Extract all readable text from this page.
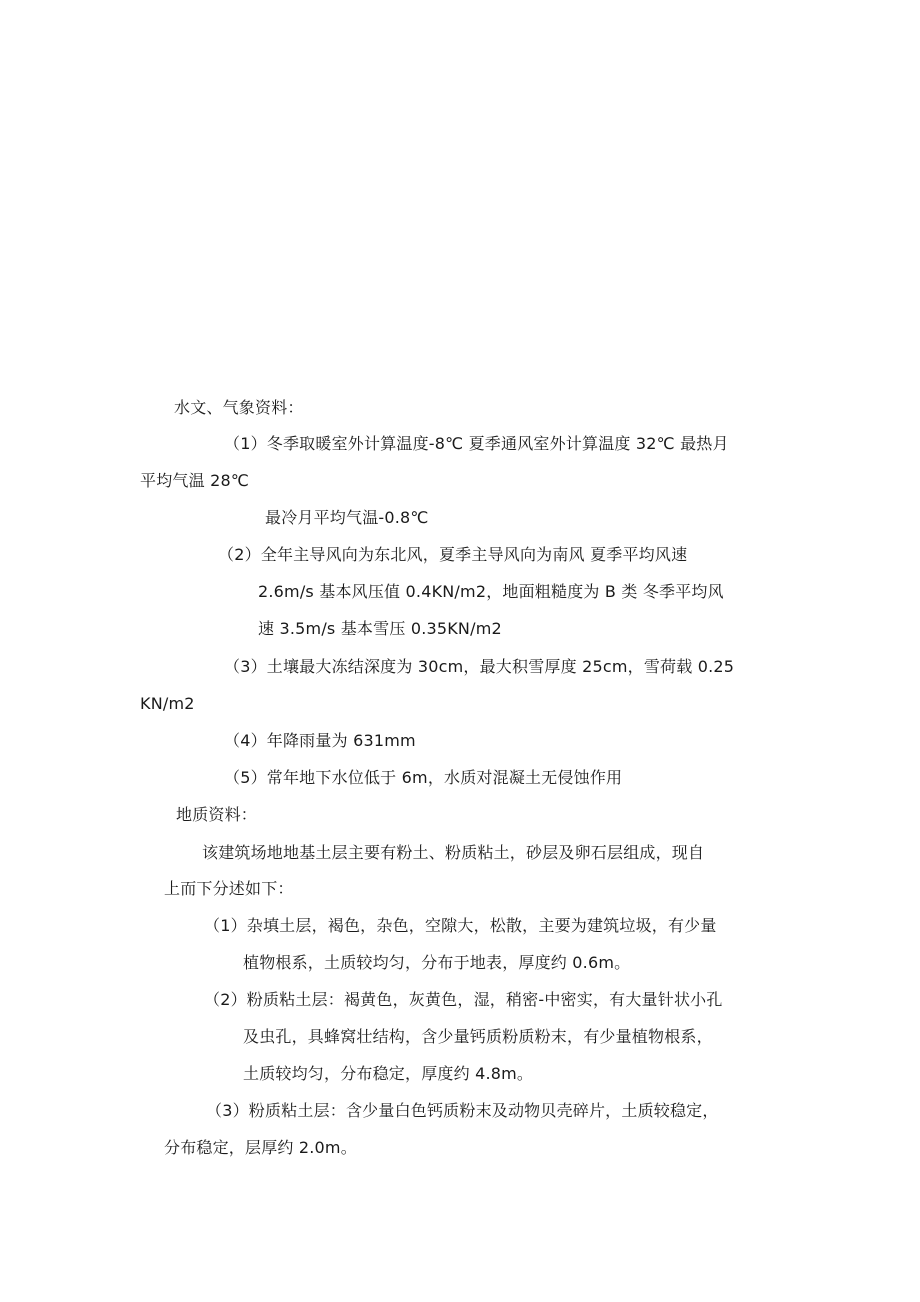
水文、气象资料：
（1）冬季取暖室外计算温度-8℃ 夏季通风室外计算温度 32℃ 最热月
平均气温 28℃
最冷月平均气温-0.8℃
（2）全年主导风向为东北风，夏季主导风向为南风 夏季平均风速
2.6m/s 基本风压值 0.4KN/m2，地面粗糙度为 B 类 冬季平均风
速 3.5m/s 基本雪压 0.35KN/m2
（3）土壤最大冻结深度为 30cm，最大积雪厚度 25cm，雪荷载 0.25
KN/m2
（4）年降雨量为 631mm
（5）常年地下水位低于 6m，水质对混凝土无侵蚀作用
地质资料：
该建筑场地地基土层主要有粉土、粉质粘土，砂层及卵石层组成，现自
上而下分述如下：
（1）杂填土层，褐色，杂色，空隙大，松散，主要为建筑垃圾，有少量
植物根系，土质较均匀，分布于地表，厚度约 0.6m。
（2）粉质粘土层：褐黄色，灰黄色，湿，稍密-中密实，有大量针状小孔
及虫孔，具蜂窝壮结构，含少量钙质粉质粉末，有少量植物根系，
土质较均匀，分布稳定，厚度约 4.8m。
（3）粉质粘土层：含少量白色钙质粉末及动物贝壳碎片，土质较稳定，
分布稳定，层厚约 2.0m。
